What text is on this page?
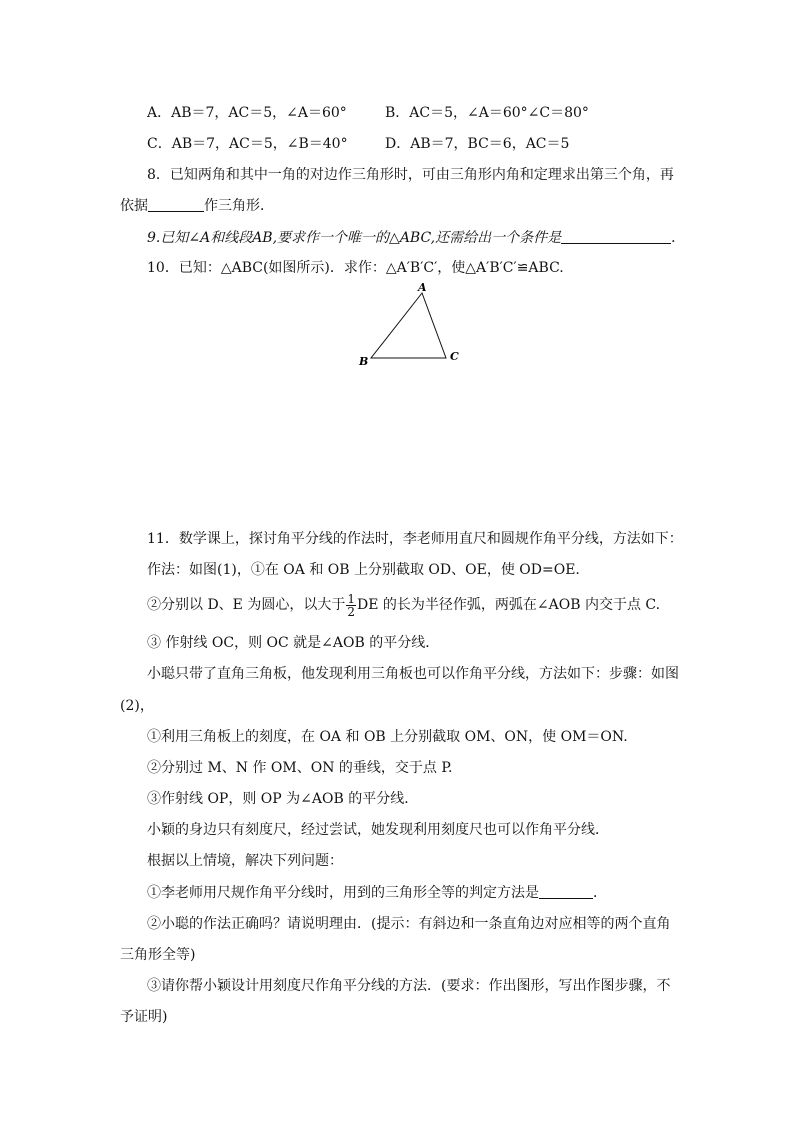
A．AB＝7，AC＝5，∠A＝60°	B．AC＝5，∠A＝60°∠C＝80°
C．AB＝7，AC＝5，∠B＝40°	D．AB＝7，BC＝6，AC＝5
8．已知两角和其中一角的对边作三角形时，可由三角形内角和定理求出第三个角，再
依据	作三角形．
9.已知∠A和线段AB,要求作一个唯一的△ABC,还需给出一个条件是	．
10．已知：△ABC(如图所示)．求作：△A′B′C′，使△A′B′C′≌ABC.
A
B	C
11．数学课上，探讨角平分线的作法时，李老师用直尺和圆规作角平分线，方法如下：
作法：如图(1)，①在 OA 和 OB 上分别截取 OD、OE，使 OD=OE.
②分别以 D、E 为圆心，以大于 $\frac{1}{2}$ DE 的长为半径作弧，两弧在∠AOB 内交于点 C.
③ 作射线 OC，则 OC 就是∠AOB 的平分线．
小聪只带了直角三角板，他发现利用三角板也可以作角平分线，方法如下：步骤：如图
(2)，
①利用三角板上的刻度，在 OA 和 OB 上分别截取 OM、ON，使 OM＝ON.
②分别过 M、N 作 OM、ON 的垂线，交于点 P.
③作射线 OP，则 OP 为∠AOB 的平分线．
小颖的身边只有刻度尺，经过尝试，她发现利用刻度尺也可以作角平分线．
根据以上情境，解决下列问题：
①李老师用尺规作角平分线时，用到的三角形全等的判定方法是	．
②小聪的作法正确吗？请说明理由．(提示：有斜边和一条直角边对应相等的两个直角
三角形全等)
③请你帮小颖设计用刻度尺作角平分线的方法．(要求：作出图形，写出作图步骤，不
予证明)
